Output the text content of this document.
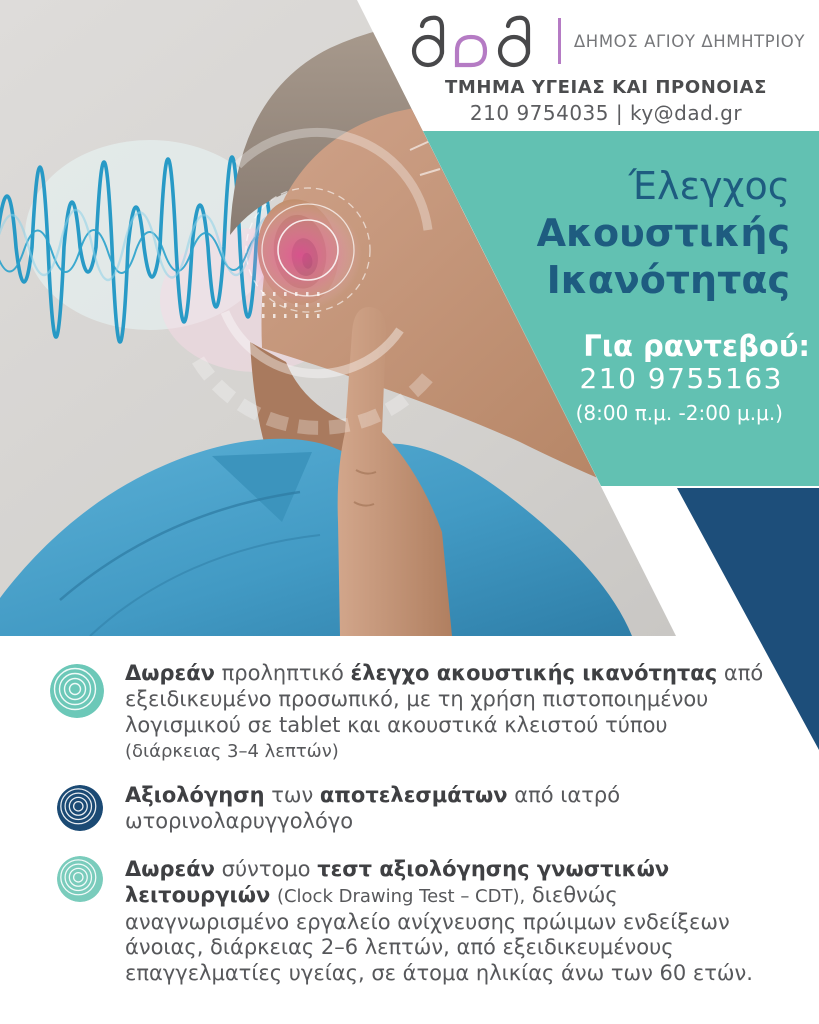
ΔΗΜΟΣ ΑΓΙΟΥ ΔΗΜΗΤΡΙΟΥ
ΤΜΗΜΑ ΥΓΕΙΑΣ ΚΑΙ ΠΡΟΝΟΙΑΣ
210 9754035 | ky@dad.gr
Έλεγχος
Ακουστικής
Ικανότητας
Για ραντεβού:
210 9755163
(8:00 π.μ. -2:00 μ.μ.)
Δωρεάν προληπτικό έλεγχο ακουστικής ικανότητας από
εξειδικευμένο προσωπικό, με τη χρήση πιστοποιημένου
λογισμικού σε tablet και ακουστικά κλειστού τύπου
(διάρκειας 3–4 λεπτών)
Αξιολόγηση των αποτελεσμάτων από ιατρό
ωτορινολαρυγγολόγο
Δωρεάν σύντομο τεστ αξιολόγησης γνωστικών
λειτουργιών (Clock Drawing Test – CDT), διεθνώς
αναγνωρισμένο εργαλείο ανίχνευσης πρώιμων ενδείξεων
άνοιας, διάρκειας 2–6 λεπτών, από εξειδικευμένους
επαγγελματίες υγείας, σε άτομα ηλικίας άνω των 60 ετών.
